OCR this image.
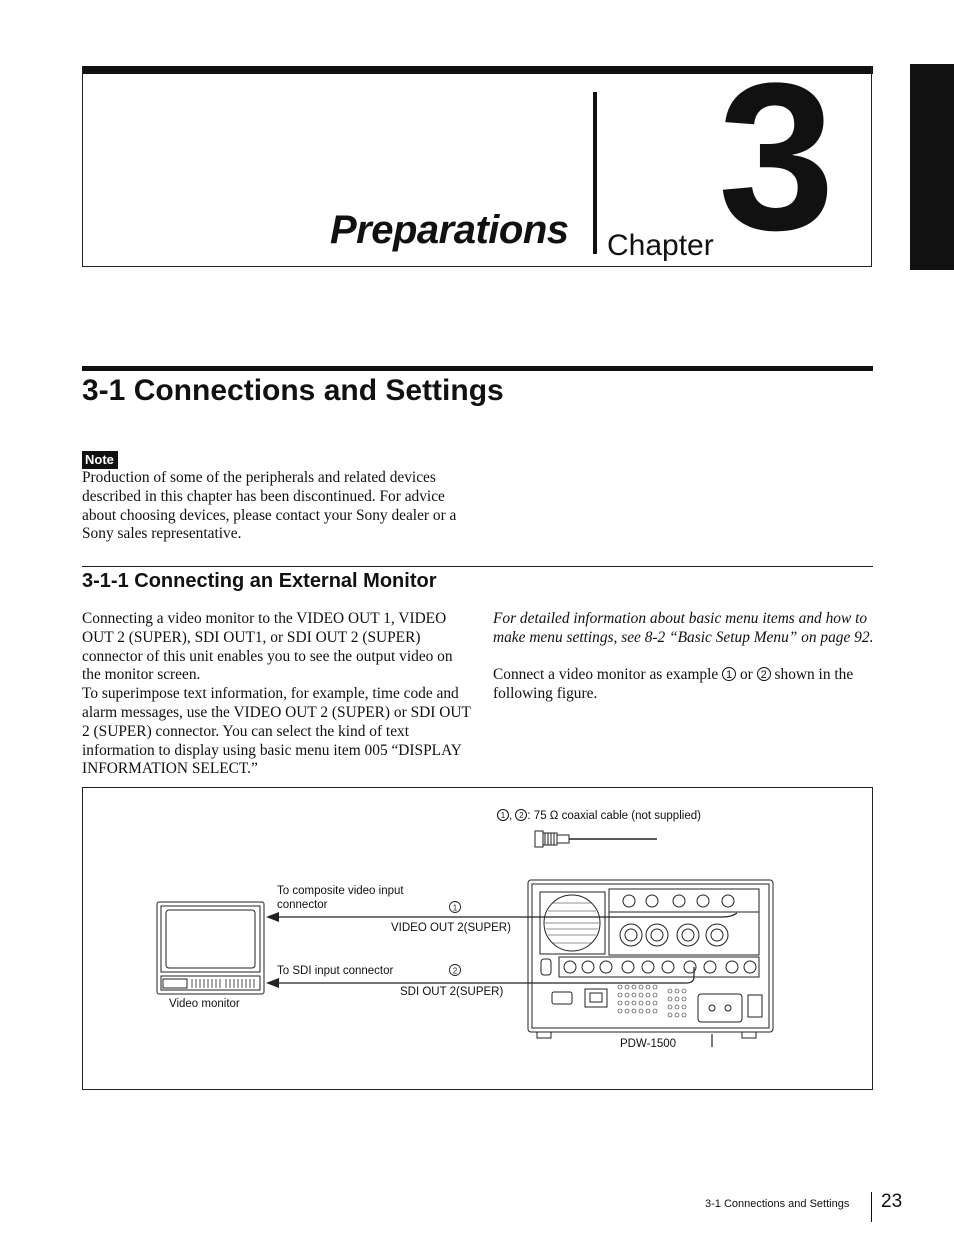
Preparations Chapter 3
3-1 Connections and Settings
Note
Production of some of the peripherals and related devices described in this chapter has been discontinued. For advice about choosing devices, please contact your Sony dealer or a Sony sales representative.
3-1-1 Connecting an External Monitor
Connecting a video monitor to the VIDEO OUT 1, VIDEO OUT 2 (SUPER), SDI OUT1, or SDI OUT 2 (SUPER) connector of this unit enables you to see the output video on the monitor screen.
To superimpose text information, for example, time code and alarm messages, use the VIDEO OUT 2 (SUPER) or SDI OUT 2 (SUPER) connector. You can select the kind of text information to display using basic menu item 005 “DISPLAY INFORMATION SELECT.”
For detailed information about basic menu items and how to make menu settings, see 8-2 “Basic Setup Menu” on page 92.
Connect a video monitor as example 1 or 2 shown in the following figure.
1
2
1 , 2 : 75 Ω coaxial cable (not supplied)
To composite video input
connector
VIDEO OUT 2(SUPER)
To SDI input connector
SDI OUT 2(SUPER)
Video monitor
PDW-1500
3-1 Connections and Settings 23
